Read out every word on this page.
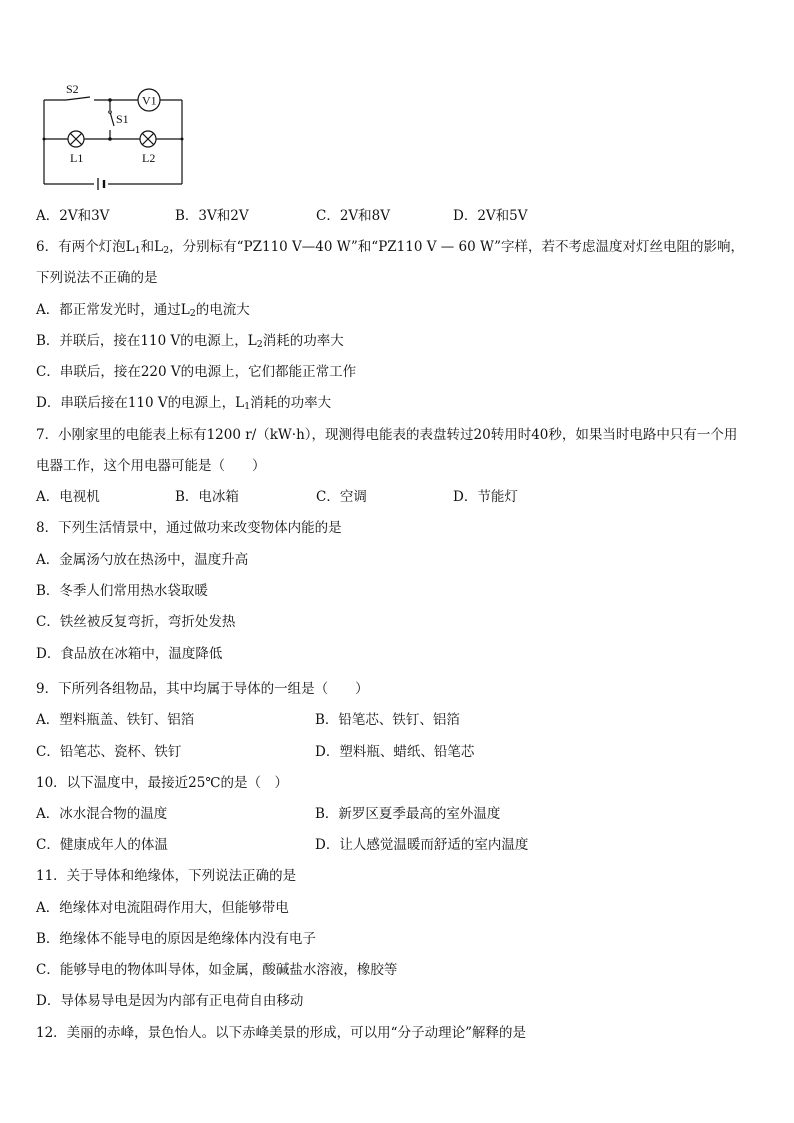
V1
S2
S1
L1	L2
A．2V和3V	B．3V和2V	C．2V和8V	D．2V和5V
6．有两个灯泡$L_1$和$L_2$，分别标有“PZ110 V—40 W”和“PZ110 V — 60 W”字样，若不考虑温度对灯丝电阻的影响，
下列说法不正确的是
A．都正常发光时，通过$L_2$的电流大
B．并联后，接在110 V的电源上，$L_2$消耗的功率大
C．串联后，接在220 V的电源上，它们都能正常工作
D．串联后接在110 V的电源上，$L_1$消耗的功率大
7．小刚家里的电能表上标有1200 r/（kW·h），现测得电能表的表盘转过20转用时40秒，如果当时电路中只有一个用
电器工作，这个用电器可能是（　　）
A．电视机	B．电冰箱	C．空调	D．节能灯
8．下列生活情景中，通过做功来改变物体内能的是
A．金属汤勺放在热汤中，温度升高
B．冬季人们常用热水袋取暖
C．铁丝被反复弯折，弯折处发热
D．食品放在冰箱中，温度降低
9．下所列各组物品，其中均属于导体的一组是（　　）
A．塑料瓶盖、铁钉、铝箔	B．铅笔芯、铁钉、铝箔
C．铅笔芯、瓷杯、铁钉	D．塑料瓶、蜡纸、铅笔芯
10．以下温度中，最接近25℃的是（　）
A．冰水混合物的温度	B．新罗区夏季最高的室外温度
C．健康成年人的体温	D．让人感觉温暖而舒适的室内温度
11．关于导体和绝缘体，下列说法正确的是
A．绝缘体对电流阻碍作用大，但能够带电
B．绝缘体不能导电的原因是绝缘体内没有电子
C．能够导电的物体叫导体，如金属，酸碱盐水溶液，橡胶等
D．导体易导电是因为内部有正电荷自由移动
12．美丽的赤峰，景色怡人。以下赤峰美景的形成，可以用“分子动理论”解释的是
